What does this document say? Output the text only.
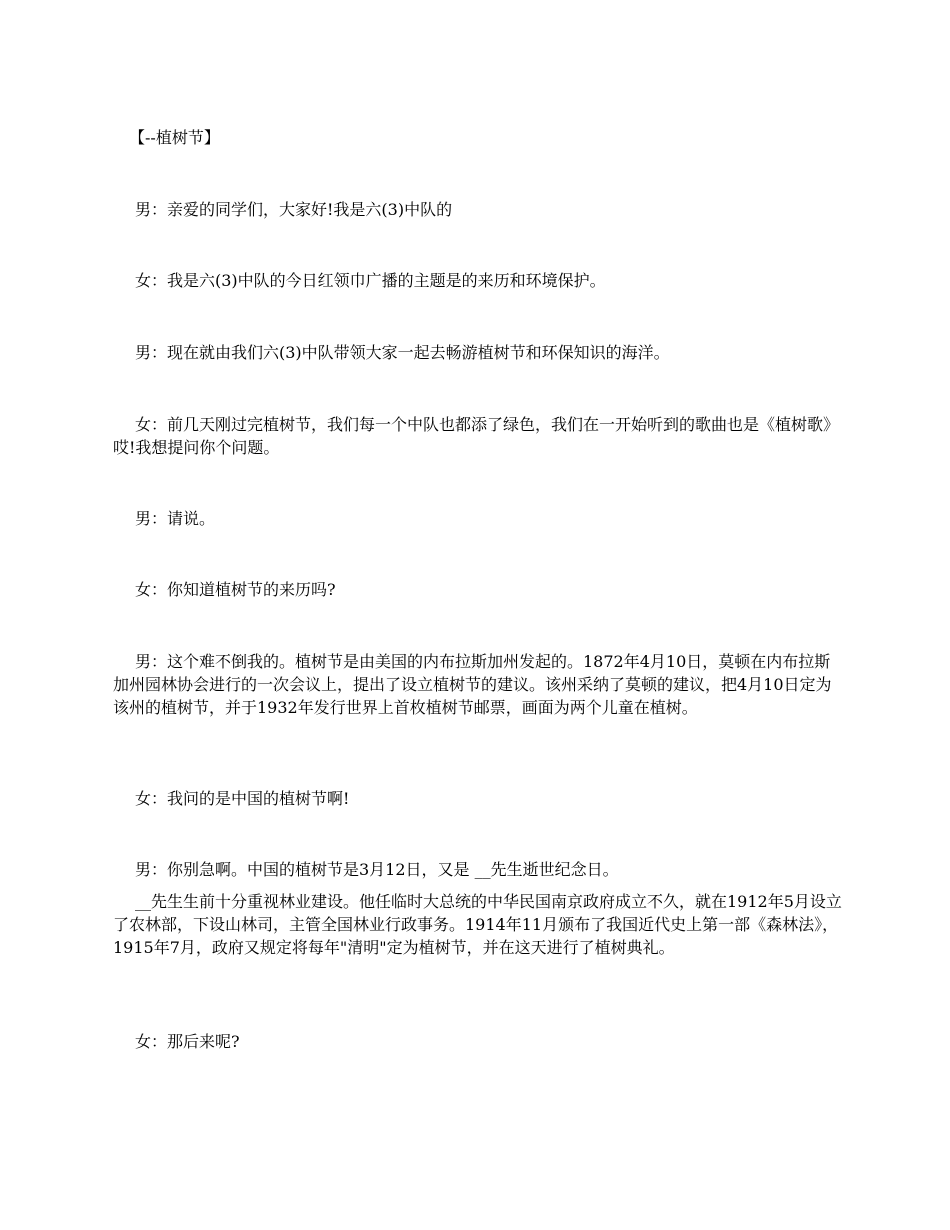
【--植树节】

男：亲爱的同学们，大家好!我是六(3)中队的

女：我是六(3)中队的今日红领巾广播的主题是的来历和环境保护。

男：现在就由我们六(3)中队带领大家一起去畅游植树节和环保知识的海洋。

女：前几天刚过完植树节，我们每一个中队也都添了绿色，我们在一开始听到的歌曲也是《植树歌》哎!我想提问你个问题。

男：请说。

女：你知道植树节的来历吗?

男：这个难不倒我的。植树节是由美国的内布拉斯加州发起的。1872年4月10日，莫顿在内布拉斯加州园林协会进行的一次会议上，提出了设立植树节的建议。该州采纳了莫顿的建议，把4月10日定为该州的植树节，并于1932年发行世界上首枚植树节邮票，画面为两个儿童在植树。

女：我问的是中国的植树节啊!

男：你别急啊。中国的植树节是3月12日，又是 __先生逝世纪念日。

__先生生前十分重视林业建设。他任临时大总统的中华民国南京政府成立不久，就在1912年5月设立了农林部，下设山林司，主管全国林业行政事务。1914年11月颁布了我国近代史上第一部《森林法》，1915年7月，政府又规定将每年"清明"定为植树节，并在这天进行了植树典礼。

女：那后来呢?
